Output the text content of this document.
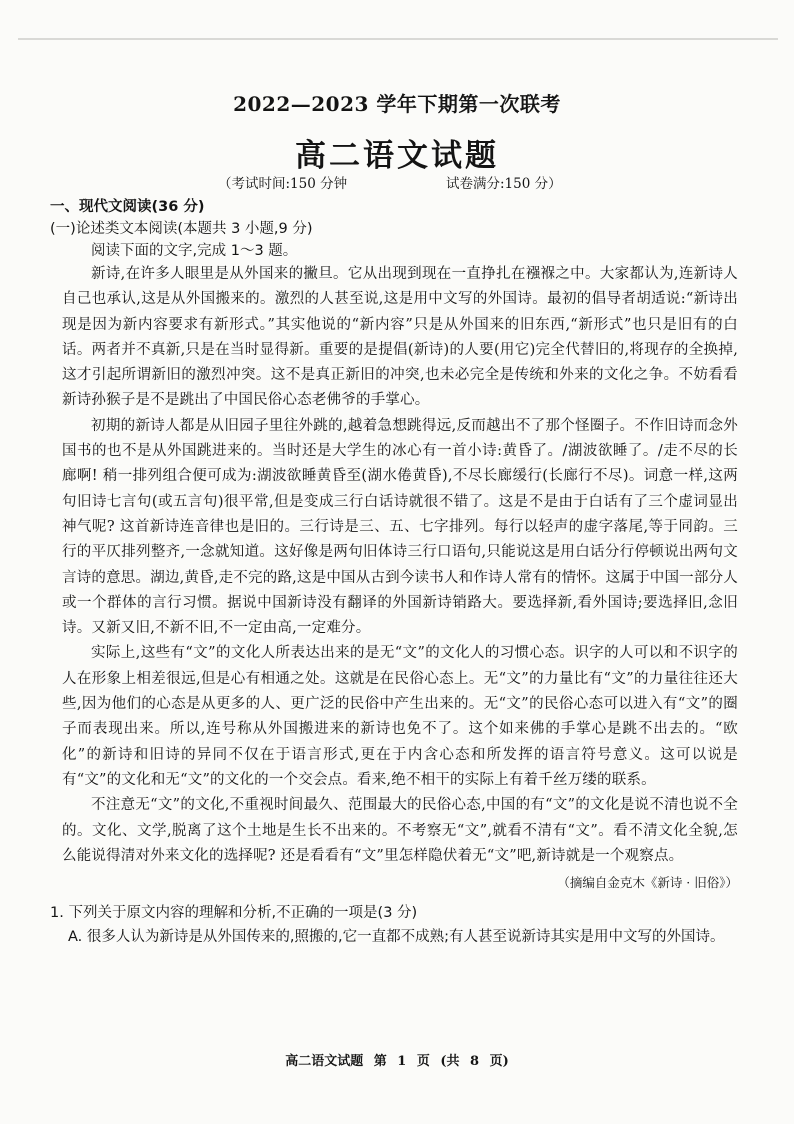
2022—2023 学年下期第一次联考
高二语文试题
（考试时间:150 分钟	试卷满分:150 分）

一、现代文阅读(36 分)

(一)论述类文本阅读(本题共 3 小题,9 分)

阅读下面的文字,完成 1～3 题。

新诗,在许多人眼里是从外国来的撇旦。它从出现到现在一直挣扎在襁褓之中。大家都认为,连新诗人自己也承认,这是从外国搬来的。激烈的人甚至说,这是用中文写的外国诗。最初的倡导者胡适说:“新诗出现是因为新内容要求有新形式。”其实他说的“新内容”只是从外国来的旧东西,“新形式”也只是旧有的白话。两者并不真新,只是在当时显得新。重要的是提倡(新诗)的人要(用它)完全代替旧的,将现存的全换掉,这才引起所谓新旧的激烈冲突。这不是真正新旧的冲突,也未必完全是传统和外来的文化之争。不妨看看新诗孙猴子是不是跳出了中国民俗心态老佛爷的手掌心。

初期的新诗人都是从旧园子里往外跳的,越着急想跳得远,反而越出不了那个怪圈子。不作旧诗而念外国书的也不是从外国跳进来的。当时还是大学生的冰心有一首小诗:黄昏了。/湖波欲睡了。/走不尽的长廊啊! 稍一排列组合便可成为:湖波欲睡黄昏至(湖水倦黄昏),不尽长廊缓行(长廊行不尽)。词意一样,这两句旧诗七言句(或五言句)很平常,但是变成三行白话诗就很不错了。这是不是由于白话有了三个虚词显出神气呢? 这首新诗连音律也是旧的。三行诗是三、五、七字排列。每行以轻声的虚字落尾,等于同韵。三行的平仄排列整齐,一念就知道。这好像是两句旧体诗三行口语句,只能说这是用白话分行停顿说出两句文言诗的意思。湖边,黄昏,走不完的路,这是中国从古到今读书人和作诗人常有的情怀。这属于中国一部分人或一个群体的言行习惯。据说中国新诗没有翻译的外国新诗销路大。要选择新,看外国诗;要选择旧,念旧诗。又新又旧,不新不旧,不一定由高,一定难分。

实际上,这些有“文”的文化人所表达出来的是无“文”的文化人的习惯心态。识字的人可以和不识字的人在形象上相差很远,但是心有相通之处。这就是在民俗心态上。无“文”的力量比有“文”的力量往往还大些,因为他们的心态是从更多的人、更广泛的民俗中产生出来的。无“文”的民俗心态可以进入有“文”的圈子而表现出来。所以,连号称从外国搬进来的新诗也免不了。这个如来佛的手掌心是跳不出去的。“欧化”的新诗和旧诗的异同不仅在于语言形式,更在于内含心态和所发挥的语言符号意义。这可以说是有“文”的文化和无“文”的文化的一个交会点。看来,绝不相干的实际上有着千丝万缕的联系。

不注意无“文”的文化,不重视时间最久、范围最大的民俗心态,中国的有“文”的文化是说不清也说不全的。文化、文学,脱离了这个土地是生长不出来的。不考察无“文”,就看不清有“文”。看不清文化全貌,怎么能说得清对外来文化的选择呢? 还是看看有“文”里怎样隐伏着无“文”吧,新诗就是一个观察点。

（摘编自金克木《新诗 · 旧俗》）

1. 下列关于原文内容的理解和分析,不正确的一项是(3 分)

A. 很多人认为新诗是从外国传来的,照搬的,它一直都不成熟;有人甚至说新诗其实是用中文写的外国诗。

高二语文试题 第 1 页 (共 8 页)
